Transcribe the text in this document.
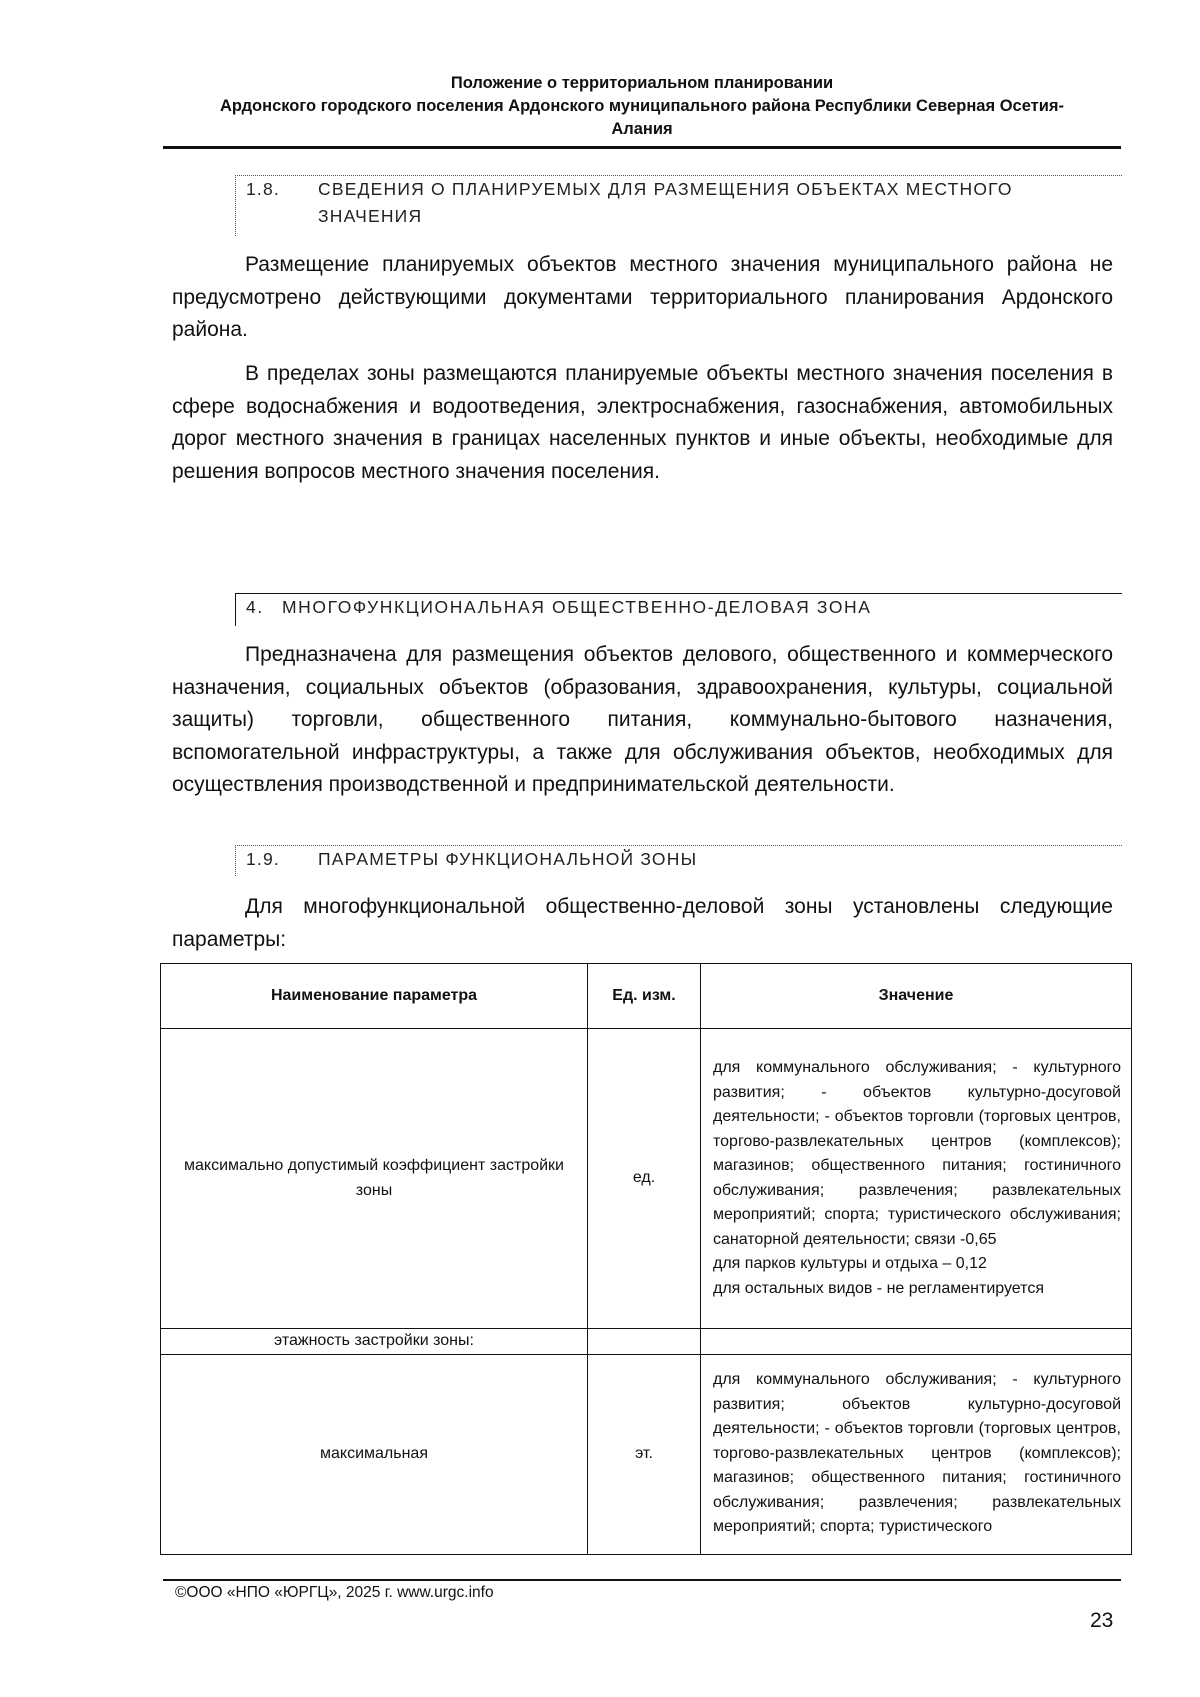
Положение о территориальном планировании
Ардонского городского поселения Ардонского муниципального района Республики Северная Осетия-
Алания
1.8. СВЕДЕНИЯ О ПЛАНИРУЕМЫХ ДЛЯ РАЗМЕЩЕНИЯ ОБЪЕКТАХ МЕСТНОГО ЗНАЧЕНИЯ
Размещение планируемых объектов местного значения муниципального района не предусмотрено действующими документами территориального планирования Ардонского района.
В пределах зоны размещаются планируемые объекты местного значения поселения в сфере водоснабжения и водоотведения, электроснабжения, газоснабжения, автомобильных дорог местного значения в границах населенных пунктов и иные объекты, необходимые для решения вопросов местного значения поселения.
4. МНОГОФУНКЦИОНАЛЬНАЯ ОБЩЕСТВЕННО-ДЕЛОВАЯ ЗОНА
Предназначена для размещения объектов делового, общественного и коммерческого назначения, социальных объектов (образования, здравоохранения, культуры, социальной защиты) торговли, общественного питания, коммунально-бытового назначения, вспомогательной инфраструктуры, а также для обслуживания объектов, необходимых для осуществления производственной и предпринимательской деятельности.
1.9. ПАРАМЕТРЫ ФУНКЦИОНАЛЬНОЙ ЗОНЫ
Для многофункциональной общественно-деловой зоны установлены следующие параметры:
Наименование параметра	Ед. изм.	Значение
максимально допустимый коэффициент застройки зоны	ед.	для коммунального обслуживания; - культурного развития; - объектов культурно-досуговой деятельности; - объектов торговли (торговых центров, торгово-развлекательных центров (комплексов); магазинов; общественного питания; гостиничного обслуживания; развлечения; развлекательных мероприятий; спорта; туристического обслуживания; санаторной деятельности; связи -0,65
для парков культуры и отдыха – 0,12
для остальных видов - не регламентируется

этажность застройки зоны:		
максимальная	эт.	для коммунального обслуживания; - культурного развития; объектов культурно-досуговой деятельности; - объектов торговли (торговых центров, торгово-развлекательных центров (комплексов); магазинов; общественного питания; гостиничного обслуживания; развлечения; развлекательных мероприятий; спорта; туристического
©ООО «НПО «ЮРГЦ», 2025 г. www.urgc.info
23
